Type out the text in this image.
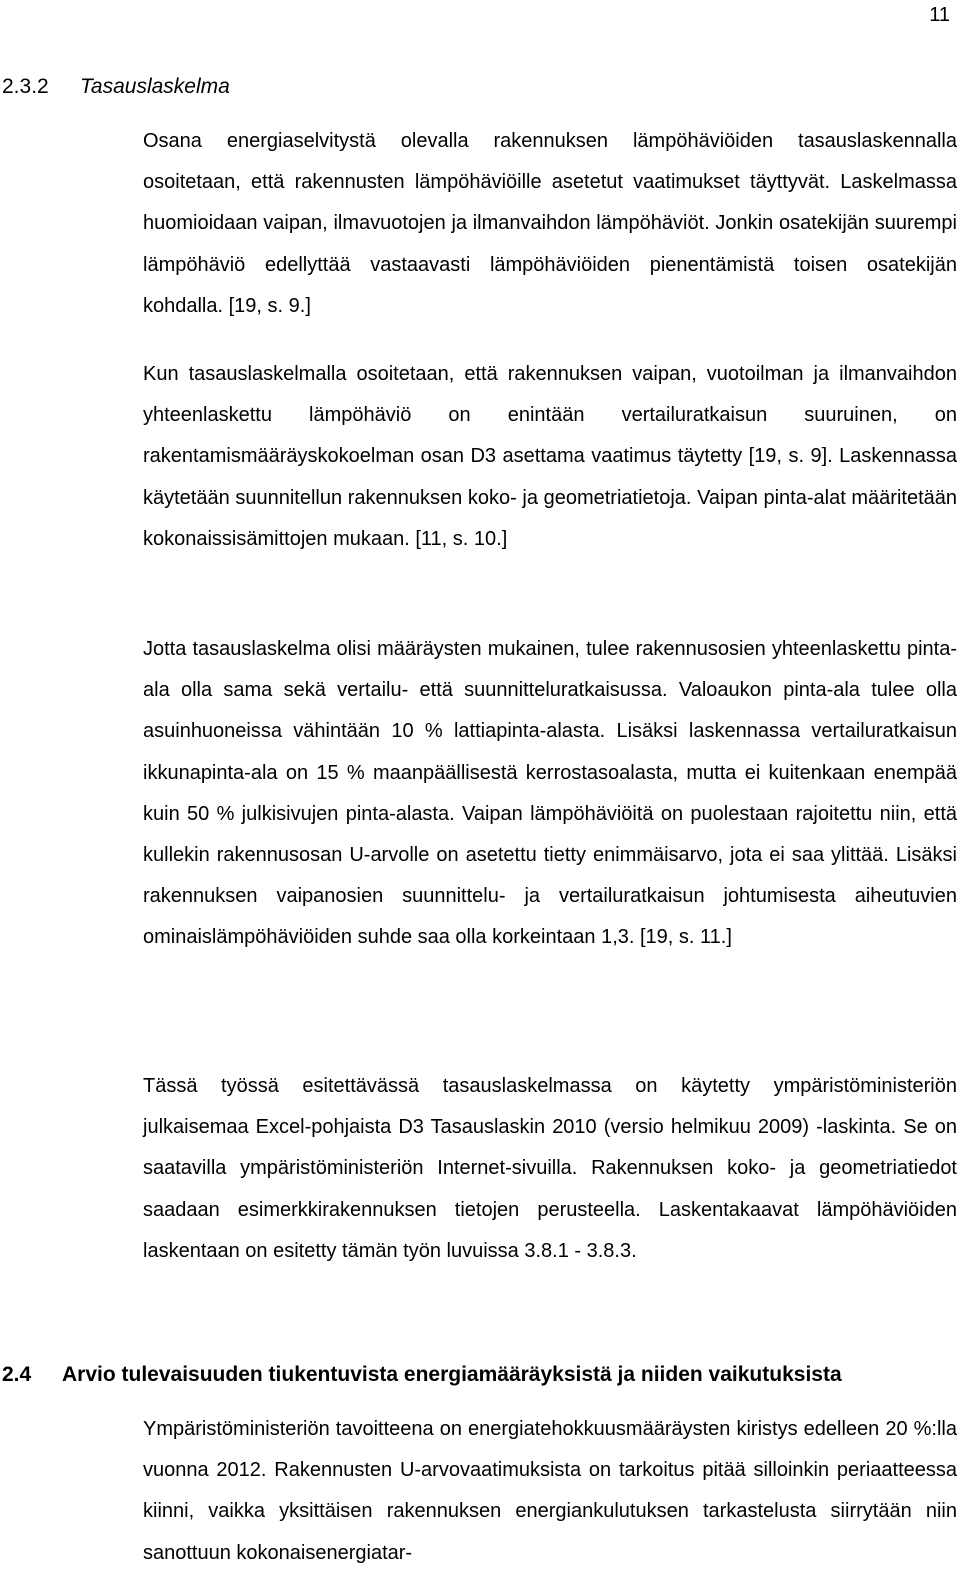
11
2.3.2 Tasauslaskelma

Osana energiaselvitystä olevalla rakennuksen lämpöhäviöiden tasauslaskennalla osoitetaan, että rakennusten lämpöhäviöille asetetut vaatimukset täyttyvät. Laskelmassa huomioidaan vaipan, ilmavuotojen ja ilmanvaihdon lämpöhäviöt. Jonkin osatekijän suurempi lämpöhäviö edellyttää vastaavasti lämpöhäviöiden pienentämistä toisen osatekijän kohdalla. [19, s. 9.]

Kun tasauslaskelmalla osoitetaan, että rakennuksen vaipan, vuotoilman ja ilmanvaihdon yhteenlaskettu lämpöhäviö on enintään vertailuratkaisun suuruinen, on rakentamismääräyskokoelman osan D3 asettama vaatimus täytetty [19, s. 9]. Laskennassa käytetään suunnitellun rakennuksen koko- ja geometriatietoja. Vaipan pinta-alat määritetään kokonaissisämittojen mukaan. [11, s. 10.]

Jotta tasauslaskelma olisi määräysten mukainen, tulee rakennusosien yhteenlaskettu pinta-ala olla sama sekä vertailu- että suunnitteluratkaisussa. Valoaukon pinta-ala tulee olla asuinhuoneissa vähintään 10 % lattiapinta-alasta. Lisäksi laskennassa vertailuratkaisun ikkunapinta-ala on 15 % maanpäällisestä kerrostasoalasta, mutta ei kuitenkaan enempää kuin 50 % julkisivujen pinta-alasta. Vaipan lämpöhäviöitä on puolestaan rajoitettu niin, että kullekin rakennusosan U-arvolle on asetettu tietty enimmäisarvo, jota ei saa ylittää. Lisäksi rakennuksen vaipanosien suunnittelu- ja vertailuratkaisun johtumisesta aiheutuvien ominaislämpöhäviöiden suhde saa olla korkeintaan 1,3. [19, s. 11.]

Tässä työssä esitettävässä tasauslaskelmassa on käytetty ympäristöministeriön julkaisemaa Excel-pohjaista D3 Tasauslaskin 2010 (versio helmikuu 2009) -laskinta. Se on saatavilla ympäristöministeriön Internet-sivuilla. Rakennuksen koko- ja geometriatiedot saadaan esimerkkirakennuksen tietojen perusteella. Laskentakaavat lämpöhäviöiden laskentaan on esitetty tämän työn luvuissa 3.8.1 - 3.8.3.

2.4 Arvio tulevaisuuden tiukentuvista energiamääräyksistä ja niiden vaikutuksista

Ympäristöministeriön tavoitteena on energiatehokkuusmääräysten kiristys edelleen 20 %:lla vuonna 2012. Rakennusten U-arvovaatimuksista on tarkoitus pitää silloinkin periaatteessa kiinni, vaikka yksittäisen rakennuksen energiankulutuksen tarkastelusta siirrytään niin sanottuun kokonaisenergiatar-
